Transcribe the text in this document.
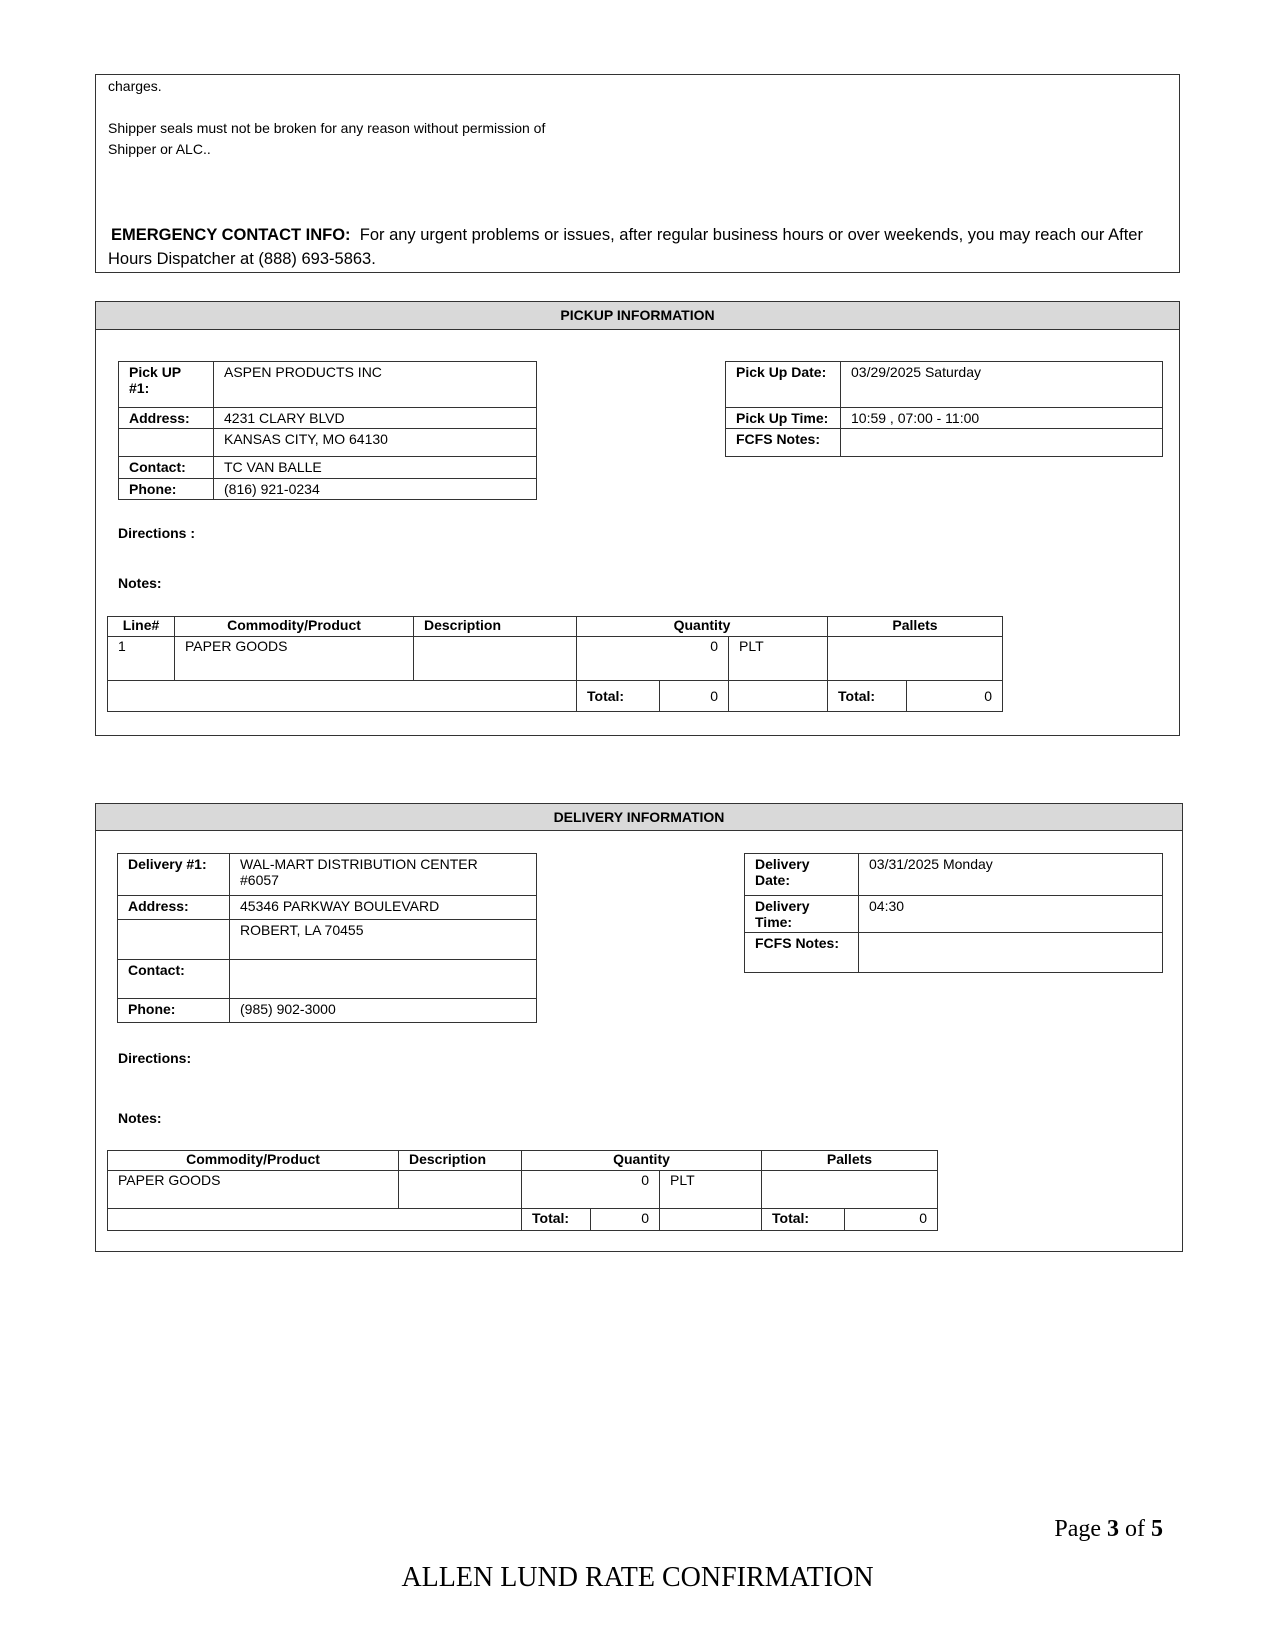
charges.
Shipper seals must not be broken for any reason without permission of
Shipper or ALC..
EMERGENCY CONTACT INFO: For any urgent problems or issues, after regular business hours or over weekends, you may reach our After Hours Dispatcher at (888) 693-5863.
PICKUP INFORMATION
Pick UP #1:	ASPEN PRODUCTS INC
Address:	4231 CLARY BLVD
	KANSAS CITY, MO 64130
Contact:	TC VAN BALLE
Phone:	(816) 921-0234
Pick Up Date:	03/29/2025 Saturday
Pick Up Time:	10:59 , 07:00 - 11:00
FCFS Notes:	
Directions :
Notes:
Line#	Commodity/Product	Description	Quantity			Pallets	
1	PAPER GOODS		0		PLT		
			Total:	0		Total:	0
DELIVERY INFORMATION
Delivery #1:	WAL-MART DISTRIBUTION CENTER
#6057

Address:	45346 PARKWAY BOULEVARD
	ROBERT, LA 70455
Contact:	
Phone:	(985) 902-3000
Delivery Date:	03/31/2025 Monday
Delivery Time:	04:30
FCFS Notes:	
Directions:
Notes:
Commodity/Product	Description	Quantity			Pallets	
PAPER GOODS		0		PLT		
		Total:	0		Total:	0
Page 3 of 5
ALLEN LUND RATE CONFIRMATION
